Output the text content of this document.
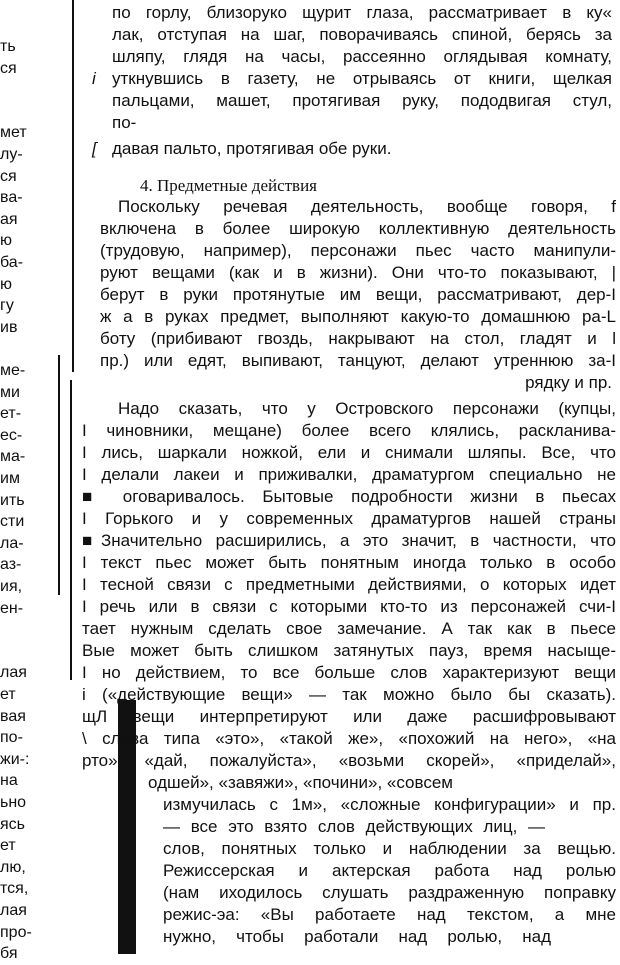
ть
ся
мет
лу-
ся
ва-
ая
ю
ба-
ю
гу
ив
ме-
ми
ет-
ес-
ма-
им
ить
сти
ла-
аз-
ия,
ен-
лая
ет
вая
по-
жи-:
на
ьно
ясь
ет
лю,
тся,
лая
про-
бя
по горлу, близоруко щурит глаза, рассматривает в ку«
лак, отступая на шаг, поворачиваясь спиной, берясь за
шляпу, глядя на часы, рассеянно оглядывая комнату,
i уткнувшись в газету, не отрываясь от книги, щелкая
пальцами, машет, протягивая руку, пододвигая стул,
по-
[ давая пальто, протягивая обе руки.
4. Предметные действия
Поскольку речевая деятельность, вообще говоря, f
включена в более широкую коллективную деятельность
(трудовую, например), персонажи пьес часто манипули-
руют вещами (как и в жизни). Они что-то показывают, |
берут в руки протянутые им вещи, рассматривают, дер-I
ж а в руках предмет, выполняют какую-то домашнюю ра-L
боту (прибивают гвоздь, накрывают на стол, гладят и l
пр.) или едят, выпивают, танцуют, делают утреннюю за-I
рядку и пр.
Надо сказать, что у Островского персонажи (купцы,
I чиновники, мещане) более всего клялись, раскланива-
I лись, шаркали ножкой, ели и снимали шляпы. Все, что
I делали лакеи и приживалки, драматургом специально не
■ оговаривалось. Бытовые подробности жизни в пьесах
I Горького и у современных драматургов нашей страны
■Значительно расширились, а это значит, в частности, что
I текст пьес может быть понятным иногда только в особо
I тесной связи с предметными действиями, о которых идет
I речь или в связи с которыми кто-то из персонажей счи-I
тает нужным сделать свое замечание. А так как в пьесе
Вые может быть слишком затянутых пауз, время насыще-
I но действием, то все больше слов характеризуют вещи
i («действующие вещи» — так можно было бы сказать).
щЛ вещи интерпретируют или даже расшифровывают
\ слова типа «это», «такой же», «похожий на него», «на
рто», «дай, пожалуйста», «возьми скорей», «приделай»,
одшей», «завяжи», «почини», «совсем
измучилась с 1м», «сложные конфигурации» и пр.
— все это взято слов действующих лиц, —
слов, понятных только и наблюдении за вещью.
Режиссерская и актерская работа над ролью
(нам иходилось слушать раздраженную поправку
режис-эа: «Вы работаете над текстом, а мне
нужно, чтобы работали над ролью, над
